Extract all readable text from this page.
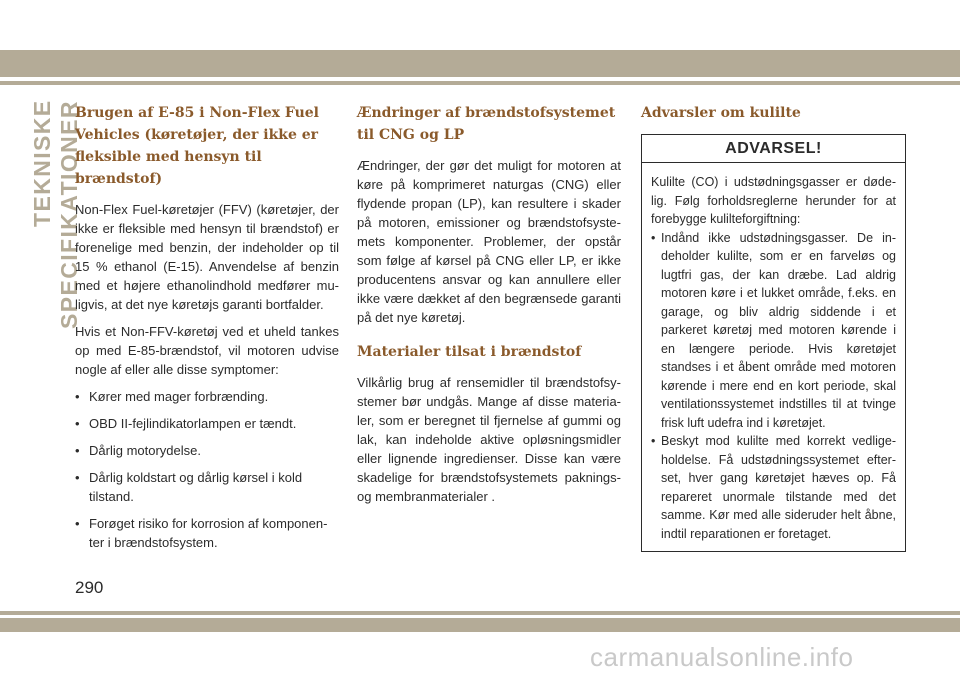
TEKNISKE SPECIFIKATIONER
Brugen af E-85 i Non-Flex Fuel Vehicles (køretøjer, der ikke er fleksible med hensyn til brændstof)

Non-Flex Fuel-køretøjer (FFV) (køretøjer, der ikke er fleksible med hensyn til brændstof) er forenelige med benzin, der indeholder op til 15 % ethanol (E-15). Anvendelse af benzin med et højere ethanolindhold medfører mu-ligvis, at det nye køretøjs garanti bortfalder.

Hvis et Non-FFV-køretøj ved et uheld tankes op med E-85-brændstof, vil motoren udvise nogle af eller alle disse symptomer:

• Kører med mager forbrænding.
• OBD II-fejlindikatorlampen er tændt.
• Dårlig motorydelse.
• Dårlig koldstart og dårlig kørsel i kold tilstand.
• Forøget risiko for korrosion af komponen-ter i brændstofsystem.
Ændringer af brændstofsystemet til CNG og LP

Ændringer, der gør det muligt for motoren at køre på komprimeret naturgas (CNG) eller flydende propan (LP), kan resultere i skader på motoren, emissioner og brændstofsyste-mets komponenter. Problemer, der opstår som følge af kørsel på CNG eller LP, er ikke producentens ansvar og kan annullere eller ikke være dækket af den begrænsede garanti på det nye køretøj.

Materialer tilsat i brændstof

Vilkårlig brug af rensemidler til brændstofsy-stemer bør undgås. Mange af disse materia-ler, som er beregnet til fjernelse af gummi og lak, kan indeholde aktive opløsningsmidler eller lignende ingredienser. Disse kan være skadelige for brændstofsystemets paknings-og membranmaterialer .

Advarsler om kulilte
ADVARSEL!

Kulilte (CO) i udstødningsgasser er døde-lig. Følg forholdsreglerne herunder for at forebygge kulilteforgiftning:

• Indånd ikke udstødningsgasser. De in-deholder kulilte, som er en farveløs og lugtfri gas, der kan dræbe. Lad aldrig motoren køre i et lukket område, f.eks. en garage, og bliv aldrig siddende i et parkeret køretøj med motoren kørende i en længere periode. Hvis køretøjet standses i et åbent område med motoren kørende i mere end en kort periode, skal ventilationssystemet indstilles til at tvinge frisk luft udefra ind i køretøjet.
• Beskyt mod kulilte med korrekt vedlige-holdelse. Få udstødningssystemet efter-set, hver gang køretøjet hæves op. Få repareret unormale tilstande med det samme. Kør med alle sideruder helt åbne, indtil reparationen er foretaget.
290
carmanualsonline.info
